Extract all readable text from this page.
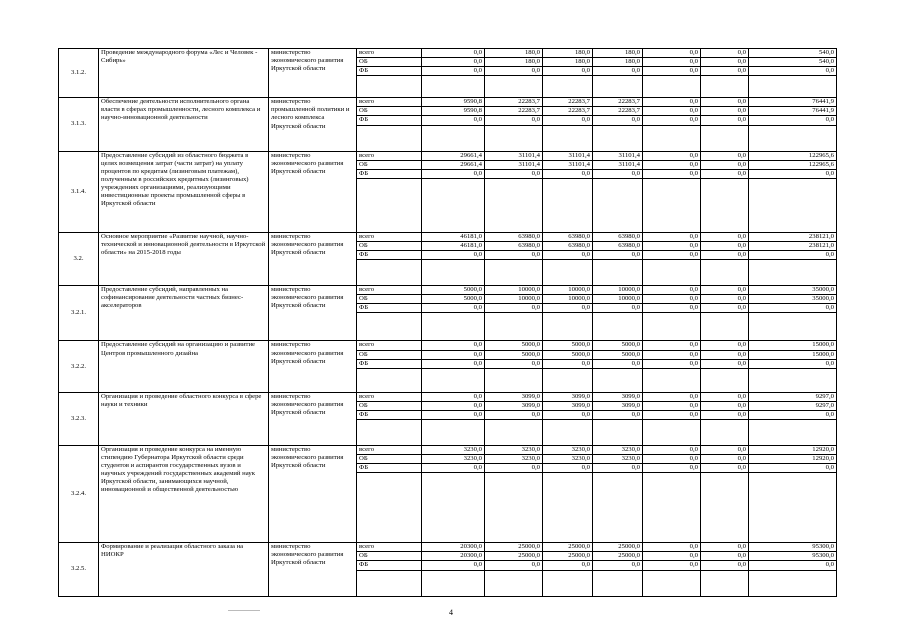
3.1.2.	Проведение международного форума «Лес и Человек - Сибирь»	министерство экономического развития Иркутской области	всего	0,0	180,0	180,0	180,0	0,0	0,0	540,0
			ОБ	0,0	180,0	180,0	180,0	0,0	0,0	540,0
			ФБ	0,0	0,0	0,0	0,0	0,0	0,0	0,0

3.1.3.	Обеспечение деятельности исполнительного органа власти в сферах промышленности, лесного комплекса и научно-инновационной деятельности	министерство промышленной политики и лесного комплекса Иркутской области	всего	9590,8	22283,7	22283,7	22283,7	0,0	0,0	76441,9
			ОБ	9590,8	22283,7	22283,7	22283,7	0,0	0,0	76441,9
			ФБ	0,0	0,0	0,0	0,0	0,0	0,0	0,0

3.1.4.	Предоставление субсидий из областного бюджета в целях возмещения затрат (части затрат) на уплату процентов по кредитам (лизинговым платежам), полученным в российских кредитных (лизинговых) учреждениях организациями, реализующими инвестиционные проекты промышленной сферы в Иркутской области	министерство экономического развития Иркутской области	всего	29661,4	31101,4	31101,4	31101,4	0,0	0,0	122965,6
			ОБ	29661,4	31101,4	31101,4	31101,4	0,0	0,0	122965,6
			ФБ	0,0	0,0	0,0	0,0	0,0	0,0	0,0

3.2.	Основное мероприятие «Развитие научной, научно-технической и инновационной деятельности в Иркутской области» на 2015-2018 годы	министерство экономического развития Иркутской области	всего	46181,0	63980,0	63980,0	63980,0	0,0	0,0	238121,0
			ОБ	46181,0	63980,0	63980,0	63980,0	0,0	0,0	238121,0
			ФБ	0,0	0,0	0,0	0,0	0,0	0,0	0,0

3.2.1.	Предоставление субсидий, направленных на софинансирование деятельности частных бизнес-акселераторов	министерство экономического развития Иркутской области	всего	5000,0	10000,0	10000,0	10000,0	0,0	0,0	35000,0
			ОБ	5000,0	10000,0	10000,0	10000,0	0,0	0,0	35000,0
			ФБ	0,0	0,0	0,0	0,0	0,0	0,0	0,0

3.2.2.	Предоставление субсидий на организацию и развитие Центров промышленного дизайна	министерство экономического развития Иркутской области	всего	0,0	5000,0	5000,0	5000,0	0,0	0,0	15000,0
			ОБ	0,0	5000,0	5000,0	5000,0	0,0	0,0	15000,0
			ФБ	0,0	0,0	0,0	0,0	0,0	0,0	0,0

3.2.3.	Организация и проведение областного конкурса в сфере науки и техники	министерство экономического развития Иркутской области	всего	0,0	3099,0	3099,0	3099,0	0,0	0,0	9297,0
			ОБ	0,0	3099,0	3099,0	3099,0	0,0	0,0	9297,0
			ФБ	0,0	0,0	0,0	0,0	0,0	0,0	0,0

3.2.4.	Организация и проведение конкурса на именную стипендию Губернатора Иркутской области среди студентов и аспирантов государственных вузов и научных учреждений государственных академий наук Иркутской области, занимающихся научной, инновационной и общественной деятельностью	министерство экономического развития Иркутской области	всего	3230,0	3230,0	3230,0	3230,0	0,0	0,0	12920,0
			ОБ	3230,0	3230,0	3230,0	3230,0	0,0	0,0	12920,0
			ФБ	0,0	0,0	0,0	0,0	0,0	0,0	0,0

3.2.5.	Формирование и реализация областного заказа на НИОКР	министерство экономического развития Иркутской области	всего	20300,0	25000,0	25000,0	25000,0	0,0	0,0	95300,0
			ОБ	20300,0	25000,0	25000,0	25000,0	0,0	0,0	95300,0
			ФБ	0,0	0,0	0,0	0,0	0,0	0,0	0,0

4
